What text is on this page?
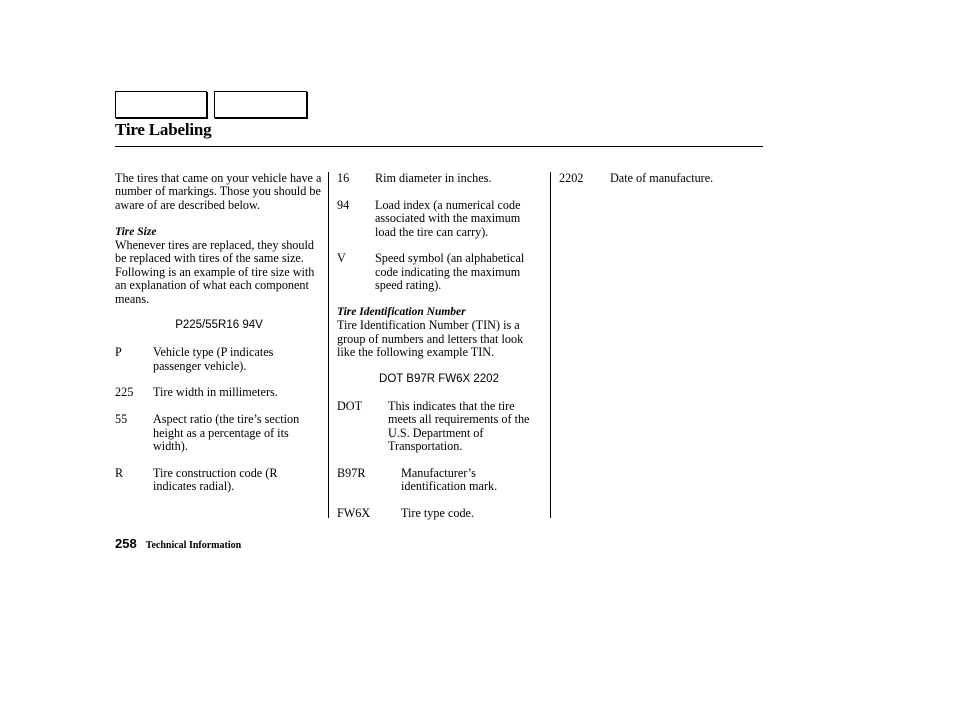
Tire Labeling

The tires that came on your vehicle have a number of markings. Those you should be aware of are described below.

Tire Size

Whenever tires are replaced, they should be replaced with tires of the same size. Following is an example of tire size with an explanation of what each component means.

P225/55R16 94V

P	Vehicle type (P indicates passenger vehicle).
225	Tire width in millimeters.
55	Aspect ratio (the tire’s section height as a percentage of its width).
R	Tire construction code (R indicates radial).
16	Rim diameter in inches.
94	Load index (a numerical code associated with the maximum load the tire can carry).
V	Speed symbol (an alphabetical code indicating the maximum speed rating).

Tire Identification Number

Tire Identification Number (TIN) is a group of numbers and letters that look like the following example TIN.

DOT B97R FW6X 2202

DOT	This indicates that the tire meets all requirements of the U.S. Department of Transportation.
B97R	Manufacturer’s identification mark.
FW6X	Tire type code.
2202	Date of manufacture.
258 Technical Information
